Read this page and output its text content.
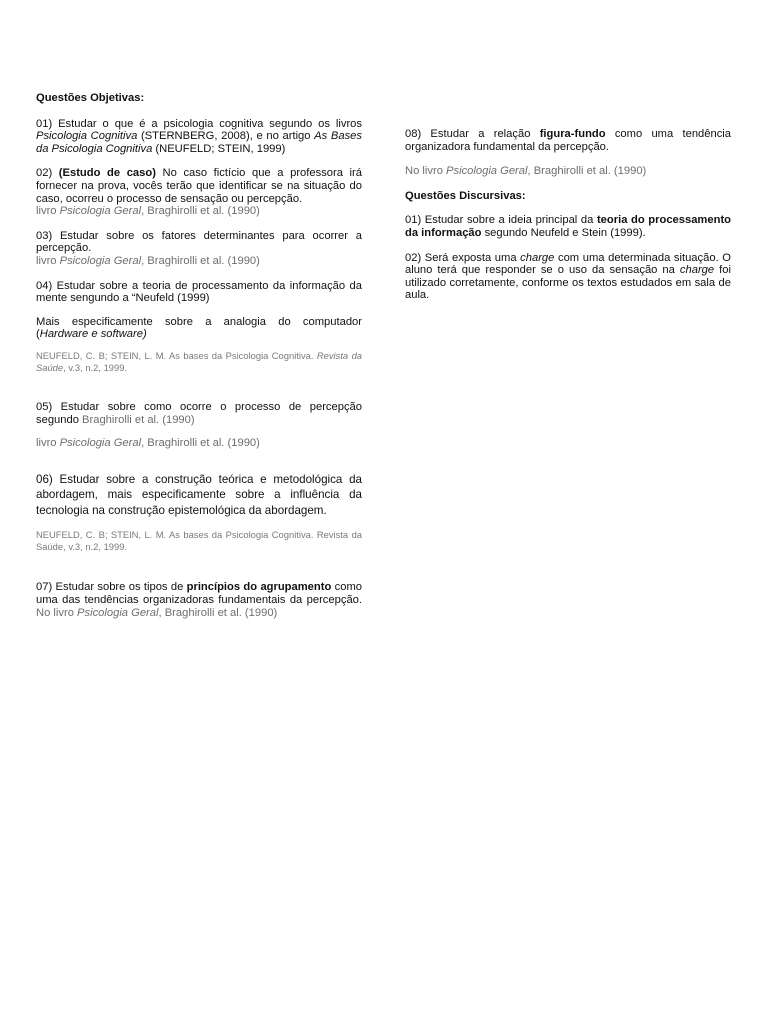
Questões Objetivas:

01) Estudar o que é a psicologia cognitiva segundo os livros Psicologia Cognitiva (STERNBERG, 2008), e no artigo As Bases da Psicologia Cognitiva (NEUFELD; STEIN, 1999)

02) (Estudo de caso) No caso fictício que a professora irá fornecer na prova, vocês terão que identificar se na situação do caso, ocorreu o processo de sensação ou percepção.

livro Psicologia Geral, Braghirolli et al. (1990)

03) Estudar sobre os fatores determinantes para ocorrer a percepção.

livro Psicologia Geral, Braghirolli et al. (1990)

04) Estudar sobre a teoria de processamento da informação da mente sengundo a “Neufeld (1999)

Mais especificamente sobre a analogia do computador (Hardware e software)

NEUFELD, C. B; STEIN, L. M. As bases da Psicologia Cognitiva. Revista da Saúde, v.3, n.2, 1999.

05) Estudar sobre como ocorre o processo de percepção segundo Braghirolli et al. (1990)

livro Psicologia Geral, Braghirolli et al. (1990)

06) Estudar sobre a construção teórica e metodológica da abordagem, mais especificamente sobre a influência da tecnologia na construção epistemológica da abordagem.

NEUFELD, C. B; STEIN, L. M. As bases da Psicologia Cognitiva. Revista da Saúde, v.3, n.2, 1999.

07) Estudar sobre os tipos de princípios do agrupamento como uma das tendências organizadoras fundamentais da percepção. No livro Psicologia Geral, Braghirolli et al. (1990)

08) Estudar a relação figura-fundo como uma tendência organizadora fundamental da percepção.

No livro Psicologia Geral, Braghirolli et al. (1990)

Questões Discursivas:

01) Estudar sobre a ideia principal da teoria do processamento da informação segundo Neufeld e Stein (1999).

02) Será exposta uma charge com uma determinada situação. O aluno terá que responder se o uso da sensação na charge foi utilizado corretamente, conforme os textos estudados em sala de aula.
